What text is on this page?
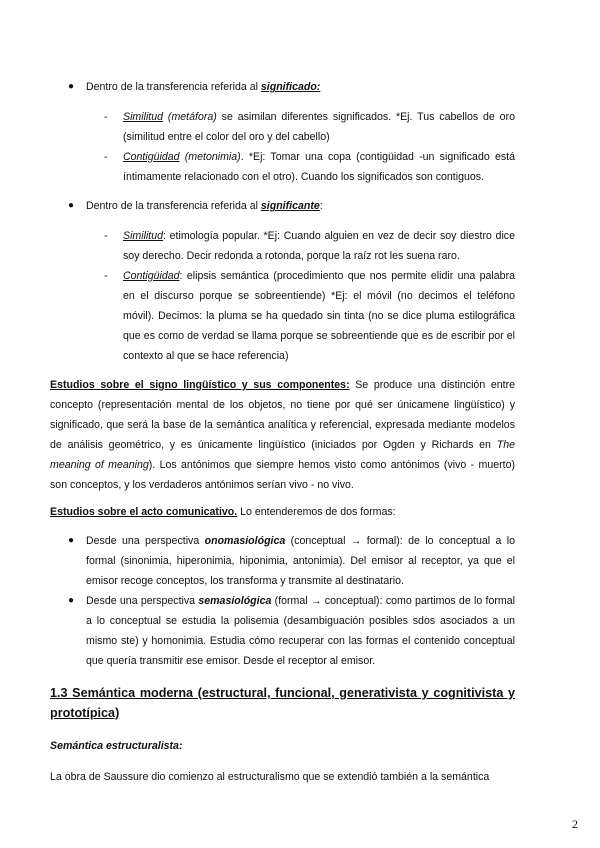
● Dentro de la transferencia referida al significado:
-	Similitud (metáfora) se asimilan diferentes significados. *Ej. Tus cabellos de oro (similitud entre el color del oro y del cabello)
-	Contigüidad (metonimia). *Ej: Tomar una copa (contigüidad -un significado está íntimamente relacionado con el otro). Cuando los significados son contiguos.
● Dentro de la transferencia referida al significante:
-	Similitud: etimología popular. *Ej: Cuando alguien en vez de decir soy diestro dice soy derecho. Decir redonda a rotonda, porque la raíz rot les suena raro.
-	Contigüidad: elipsis semántica (procedimiento que nos permite elidir una palabra en el discurso porque se sobreentiende) *Ej: el móvil (no decimos el teléfono móvil). Decimos: la pluma se ha quedado sin tinta (no se dice pluma estilográfica que es como de verdad se llama porque se sobreentiende que es de escribir por el contexto al que se hace referencia)
Estudios sobre el signo lingüístico y sus componentes: Se produce una distinción entre concepto (representación mental de los objetos, no tiene por qué ser únicamene lingüístico) y significado, que será la base de la semántica analítica y referencial, expresada mediante modelos de análisis geométrico, y es únicamente lingüístico (iniciados por Ogden y Richards en The meaning of meaning). Los antónimos que siempre hemos visto como antónimos (vivo - muerto) son conceptos, y los verdaderos antónimos serían vivo - no vivo.
Estudios sobre el acto comunicativo. Lo entenderemos de dos formas:
● Desde una perspectiva onomasiológica (conceptual → formal): de lo conceptual a lo formal (sinonimia, hiperonimia, hiponimia, antonimia). Del emisor al receptor, ya que el emisor recoge conceptos, los transforma y transmite al destinatario.
● Desde una perspectiva semasiológica (formal → conceptual): como partimos de lo formal a lo conceptual se estudia la polisemia (desambiguación posibles sdos asociados a un mismo ste) y homonimia. Estudia cómo recuperar con las formas el contenido conceptual que quería transmitir ese emisor. Desde el receptor al emisor.
1.3 Semántica moderna (estructural, funcional, generativista y cognitivista y prototípica)
Semántica estructuralista:
La obra de Saussure dio comienzo al estructuralismo que se extendió también a la semántica
2
